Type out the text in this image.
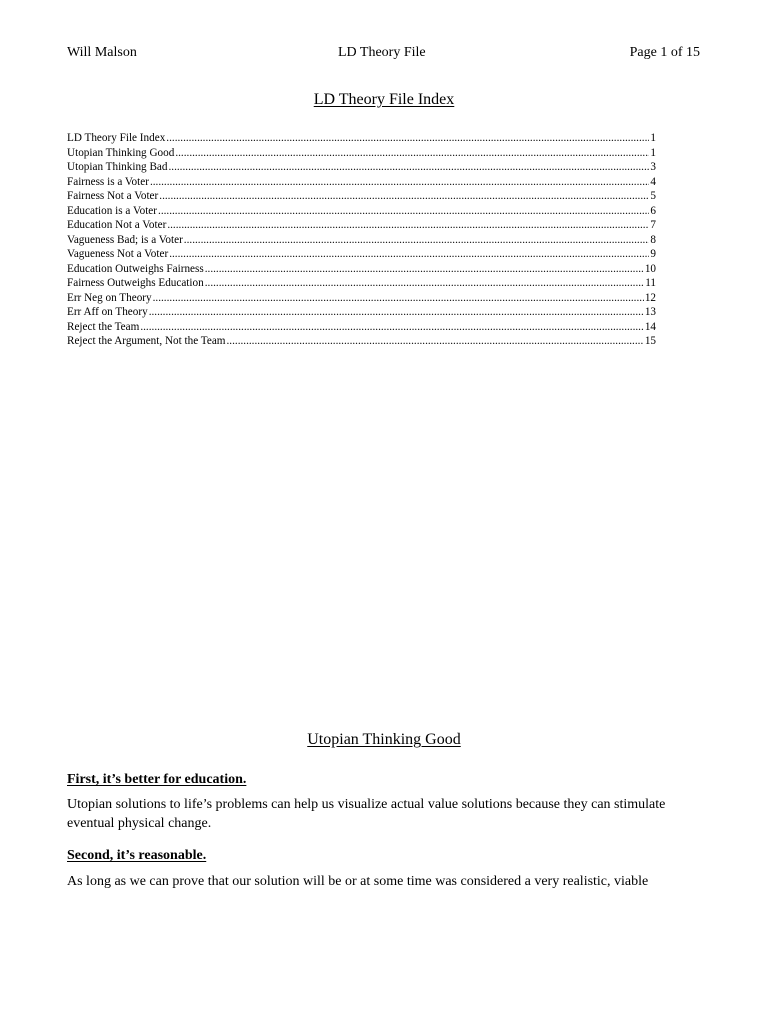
Will Malson	LD Theory File	Page 1 of 15
LD Theory File Index
LD Theory File Index .....	1
Utopian Thinking Good .....	1
Utopian Thinking Bad .....	3
Fairness is a Voter .....	4
Fairness Not a Voter .....	5
Education is a Voter .....	6
Education Not a Voter .....	7
Vagueness Bad; is a Voter .....	8
Vagueness Not a Voter .....	9
Education Outweighs Fairness .....	10
Fairness Outweighs Education .....	11
Err Neg on Theory .....	12
Err Aff on Theory .....	13
Reject the Team .....	14
Reject the Argument, Not the Team .....	15
Utopian Thinking Good
First, it’s better for education.
Utopian solutions to life’s problems can help us visualize actual value solutions because they can stimulate eventual physical change.
Second, it’s reasonable.
As long as we can prove that our solution will be or at some time was considered a very realistic, viable
